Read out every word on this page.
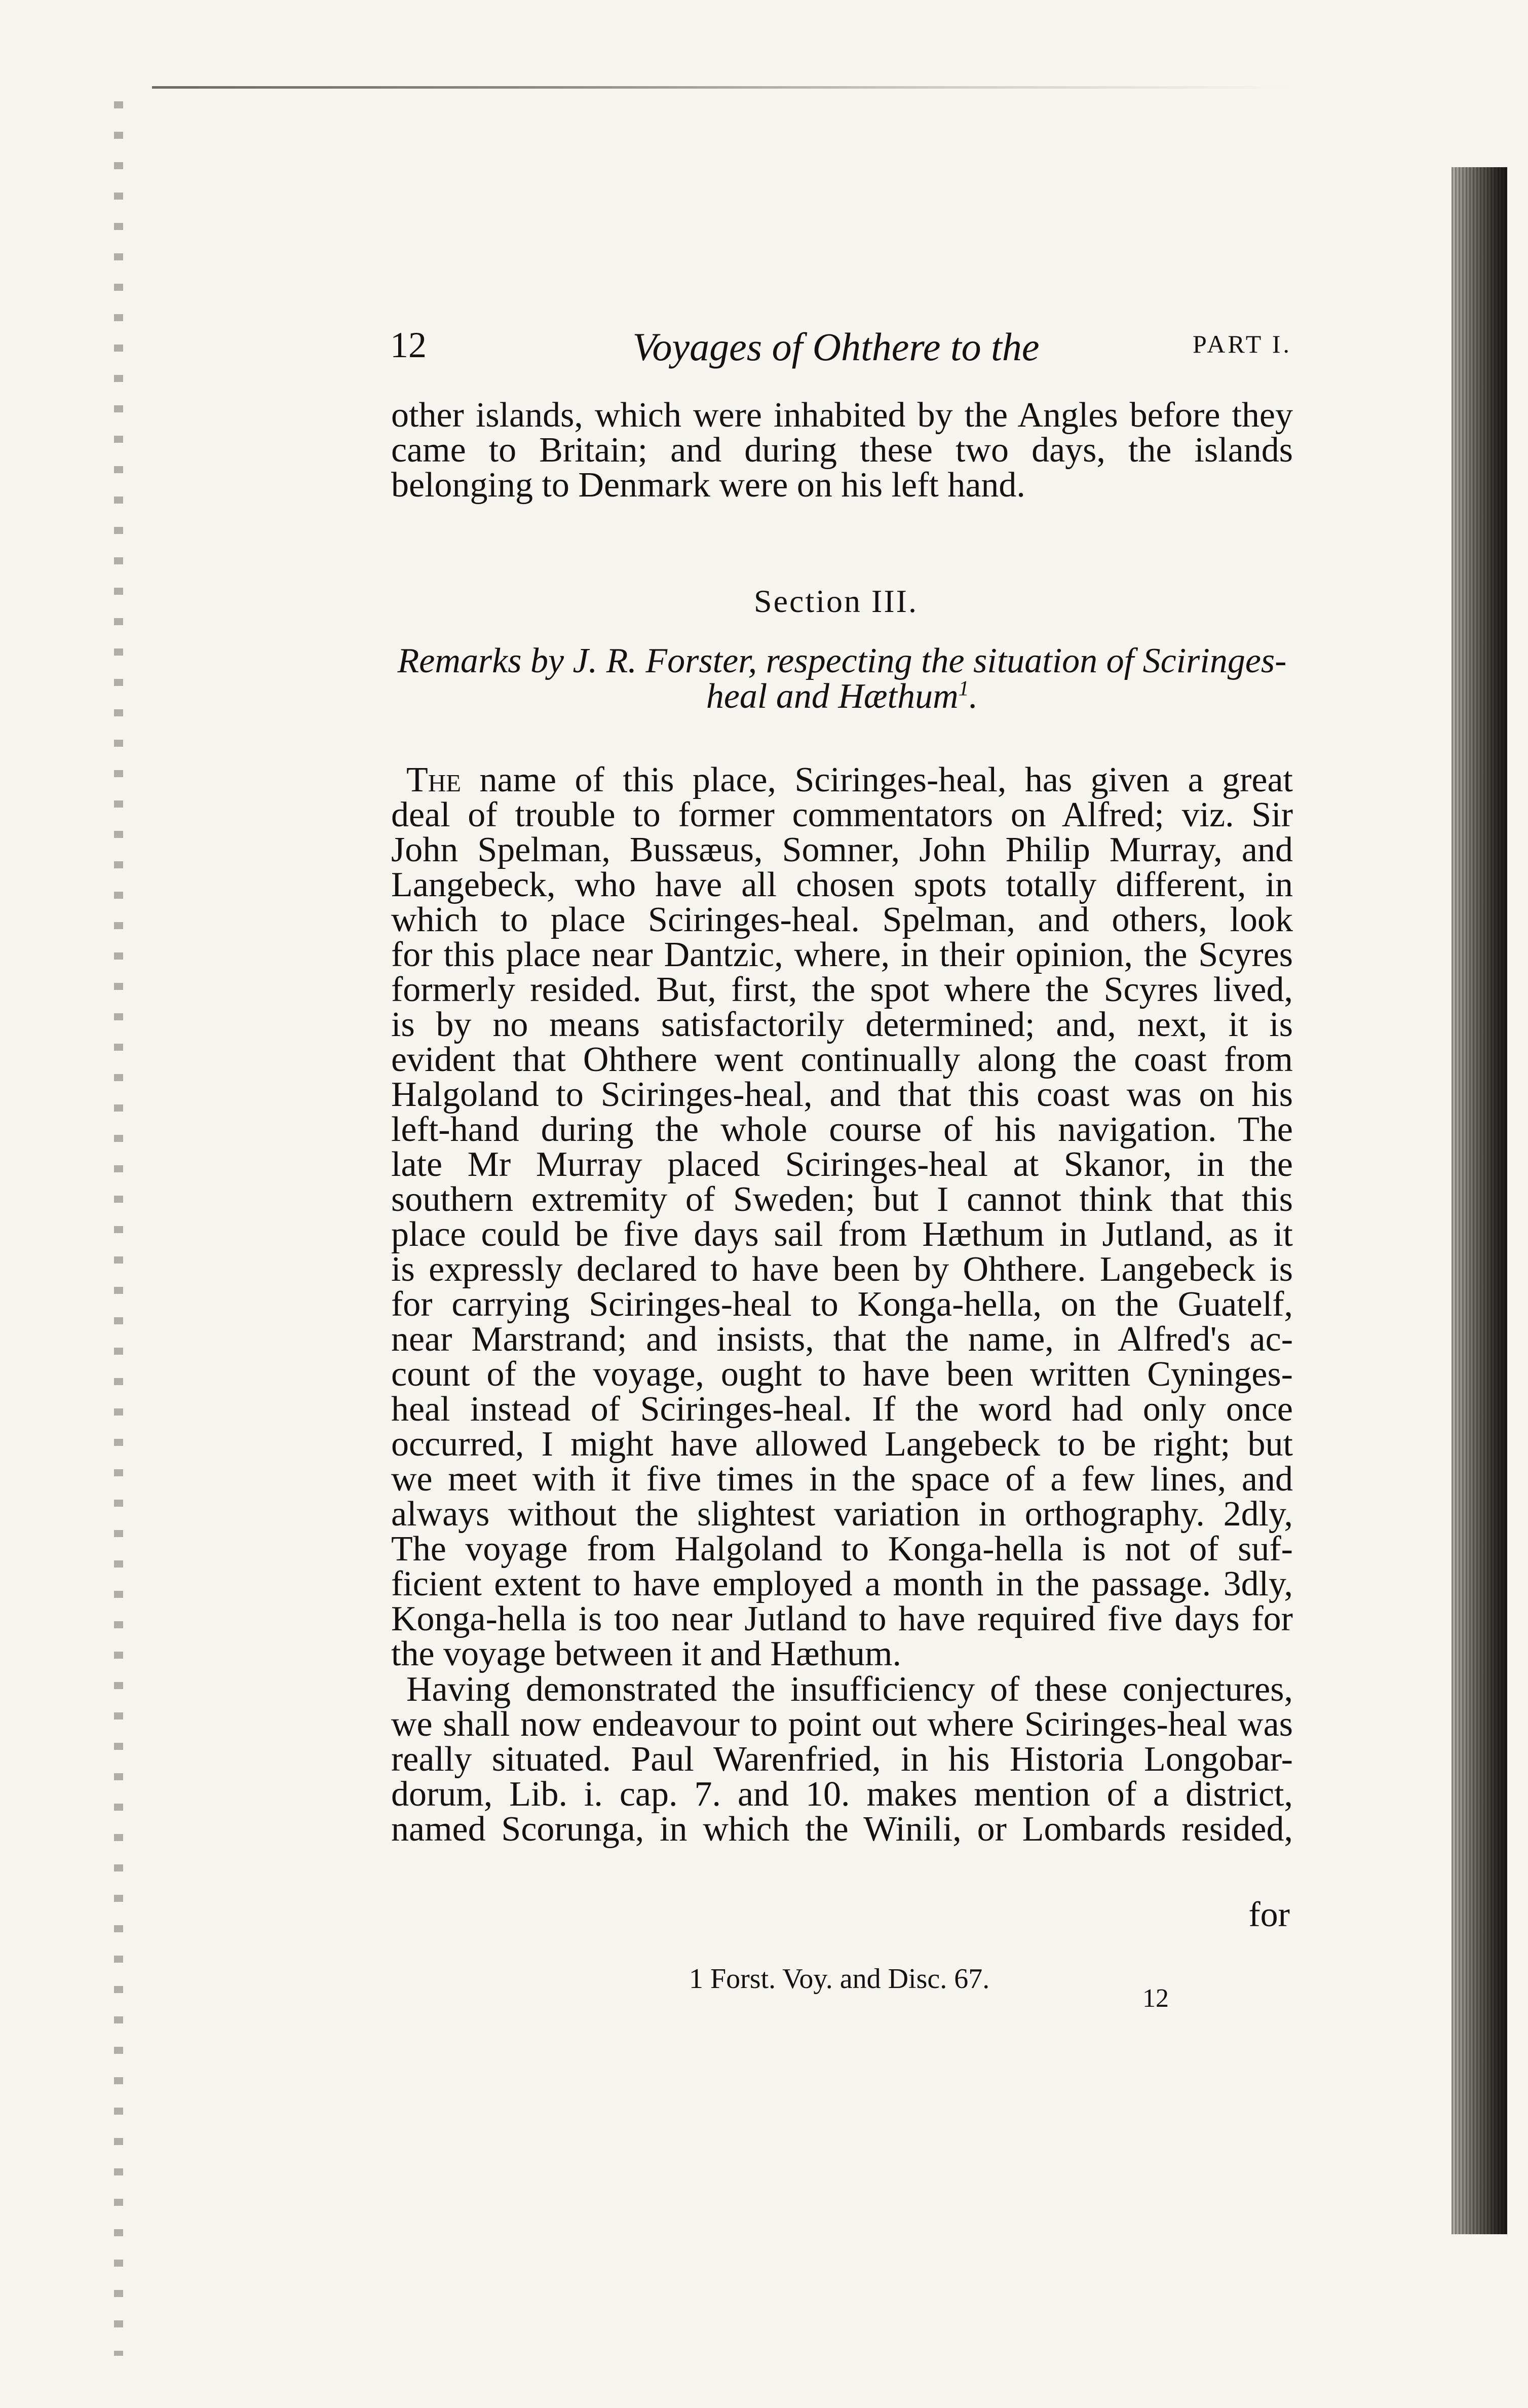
12	Voyages of Ohthere to the	PART I.
other islands, which were inhabited by the Angles before they
came to Britain; and during these two days, the islands
belonging to Denmark were on his left hand.
Section III.
Remarks by J. R. Forster, respecting the situation of Sciringes-
heal and Hæthum$^1$.
The name of this place, Sciringes-heal, has given a great
deal of trouble to former commentators on Alfred; viz. Sir
John Spelman, Bussæus, Somner, John Philip Murray, and
Langebeck, who have all chosen spots totally different, in
which to place Sciringes-heal. Spelman, and others, look
for this place near Dantzic, where, in their opinion, the Scyres
formerly resided. But, first, the spot where the Scyres lived,
is by no means satisfactorily determined; and, next, it is
evident that Ohthere went continually along the coast from
Halgoland to Sciringes-heal, and that this coast was on his
left-hand during the whole course of his navigation. The
late Mr Murray placed Sciringes-heal at Skanor, in the
southern extremity of Sweden; but I cannot think that this
place could be five days sail from Hæthum in Jutland, as it
is expressly declared to have been by Ohthere. Langebeck is
for carrying Sciringes-heal to Konga-hella, on the Guatelf,
near Marstrand; and insists, that the name, in Alfred's ac-
count of the voyage, ought to have been written Cyninges-
heal instead of Sciringes-heal. If the word had only once
occurred, I might have allowed Langebeck to be right; but
we meet with it five times in the space of a few lines, and
always without the slightest variation in orthography. 2dly,
The voyage from Halgoland to Konga-hella is not of suf-
ficient extent to have employed a month in the passage. 3dly,
Konga-hella is too near Jutland to have required five days for
the voyage between it and Hæthum.
Having demonstrated the insufficiency of these conjectures,
we shall now endeavour to point out where Sciringes-heal was
really situated. Paul Warenfried, in his Historia Longobar-
dorum, Lib. i. cap. 7. and 10. makes mention of a district,
named Scorunga, in which the Winili, or Lombards resided,
for
1 Forst. Voy. and Disc. 67.
12
